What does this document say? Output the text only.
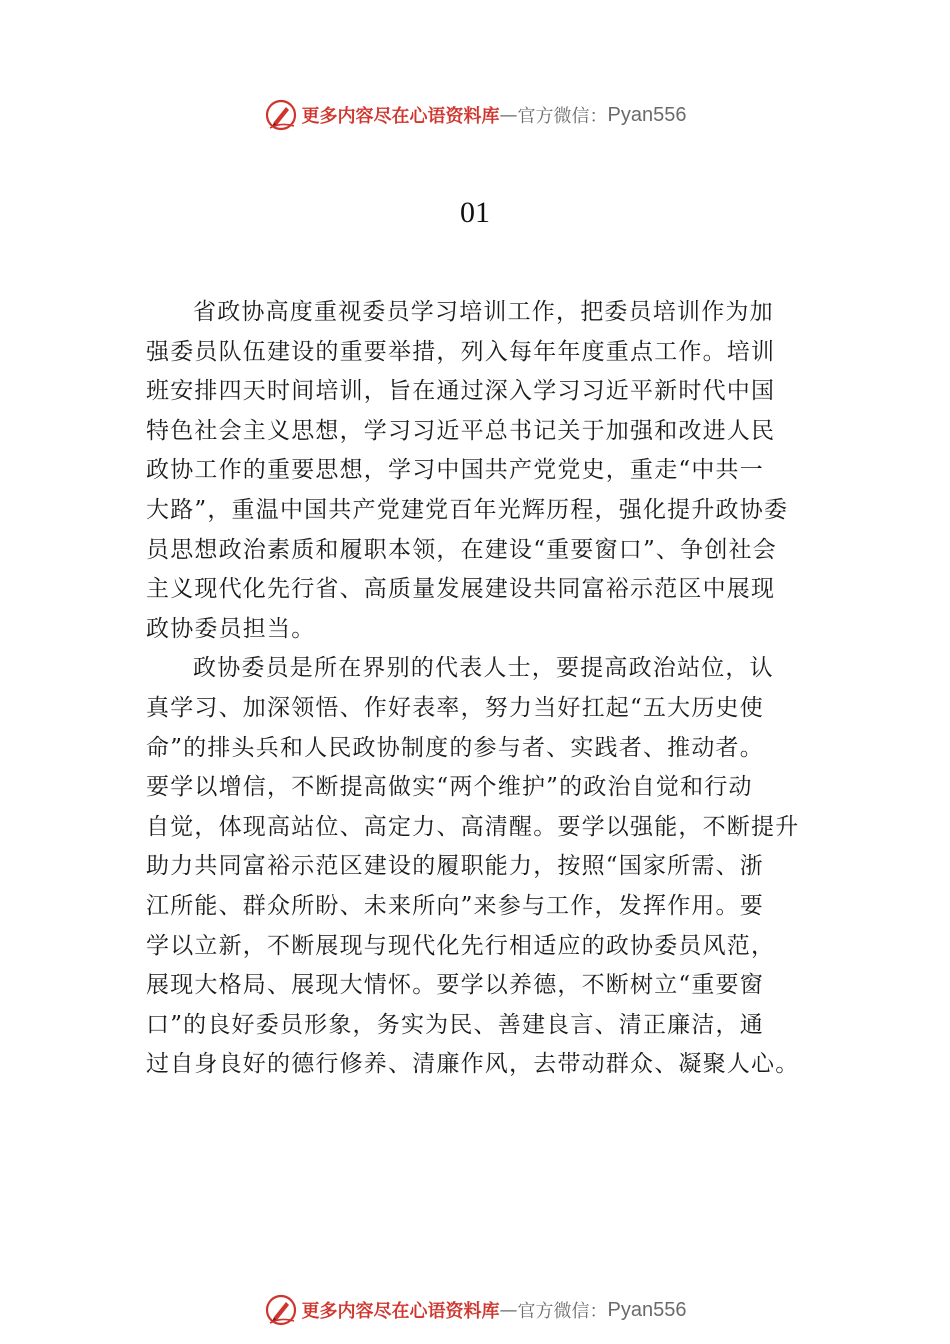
更多内容尽在心语资料库 — 官方微信： Pyan556
01
省政协高度重视委员学习培训工作，把委员培训作为加
强委员队伍建设的重要举措，列入每年年度重点工作。培训
班安排四天时间培训，旨在通过深入学习习近平新时代中国
特色社会主义思想，学习习近平总书记关于加强和改进人民
政协工作的重要思想，学习中国共产党党史，重走“中共一
大路”，重温中国共产党建党百年光辉历程，强化提升政协委
员思想政治素质和履职本领，在建设“重要窗口”、争创社会
主义现代化先行省、高质量发展建设共同富裕示范区中展现
政协委员担当。
政协委员是所在界别的代表人士，要提高政治站位，认
真学习、加深领悟、作好表率，努力当好扛起“五大历史使
命”的排头兵和人民政协制度的参与者、实践者、推动者。
要学以增信，不断提高做实“两个维护”的政治自觉和行动
自觉，体现高站位、高定力、高清醒。要学以强能，不断提升
助力共同富裕示范区建设的履职能力，按照“国家所需、浙
江所能、群众所盼、未来所向”来参与工作，发挥作用。要
学以立新，不断展现与现代化先行相适应的政协委员风范，
展现大格局、展现大情怀。要学以养德，不断树立“重要窗
口”的良好委员形象，务实为民、善建良言、清正廉洁，通
过自身良好的德行修养、清廉作风，去带动群众、凝聚人心。
更多内容尽在心语资料库 — 官方微信： Pyan556
